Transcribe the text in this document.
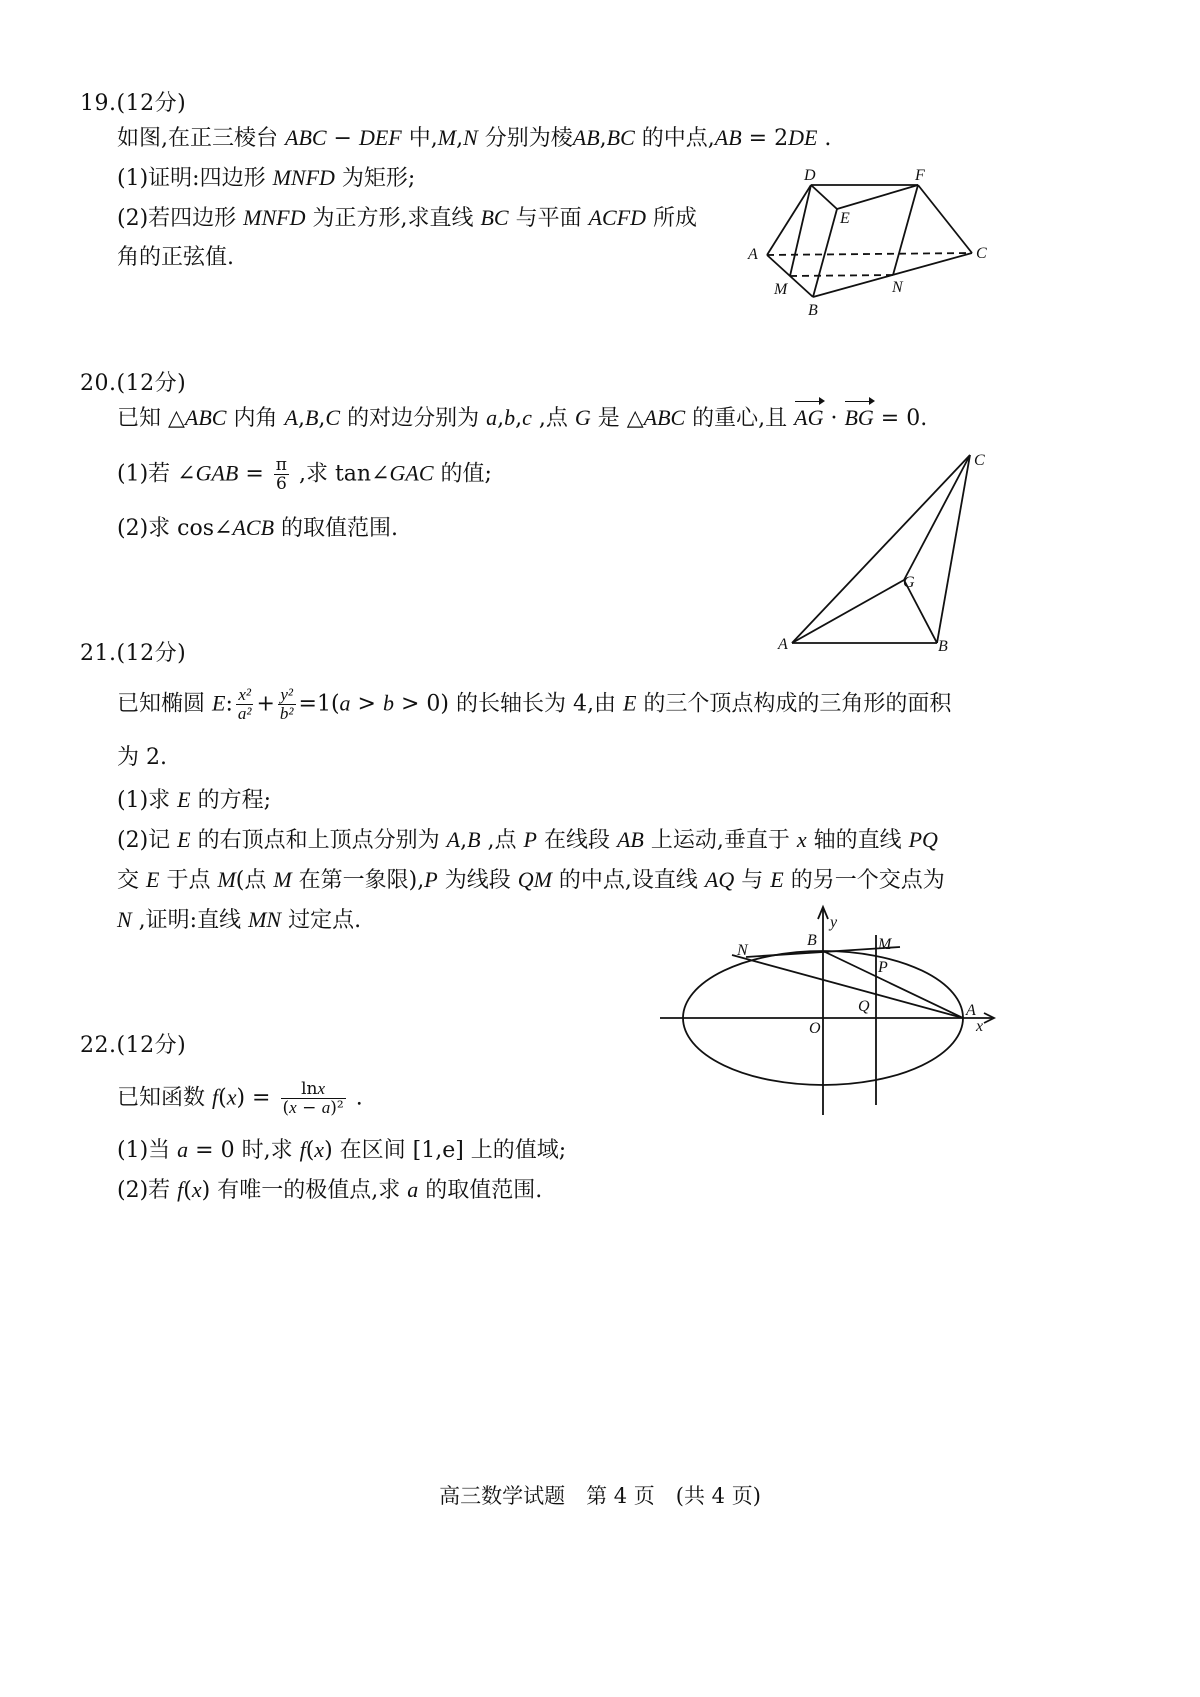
19.(12分)
如图,在正三棱台 ABC − DEF 中,M,N 分别为棱AB,BC 的中点,AB = 2DE .
(1)证明:四边形 MNFD 为矩形;
(2)若四边形 MNFD 为正方形,求直线 BC 与平面 ACFD 所成
角的正弦值.
D	F
E
A	C
M	N
B
20.(12分)
已知 △ABC 内角 A,B,C 的对边分别为 a,b,c ,点 G 是 △ABC 的重心,且 AG · BG = 0.
(1)若 ∠GAB = $\frac{\pi}{6}$ ,求 tan∠GAC 的值;
(2)求 cos∠ACB 的取值范围.
C
G
A	B
21.(12分)
已知椭圆 E: $\frac{\text{x²}}{\text{a²}} + \frac{\text{y²}}{\text{b²}} =1(a > b > 0)$ 的长轴长为 4,由 E 的三个顶点构成的三角形的面积
为 2.
(1)求 E 的方程;
(2)记 E 的右顶点和上顶点分别为 A,B ,点 P 在线段 AB 上运动,垂直于 x 轴的直线 PQ
交 E 于点 M(点 M 在第一象限),P 为线段 QM 的中点,设直线 AQ 与 E 的另一个交点为
N ,证明:直线 MN 过定点.	y
N
B	M
P
Q	A
O	x
22.(12分)
已知函数 $f(x) = \frac{\ln x}{\text{(x − a)²}}$ .
(1)当 a = 0 时,求 f(x) 在区间 [1,e] 上的值域;
(2)若 f(x) 有唯一的极值点,求 a 的取值范围.
高三数学试题　第 4 页　(共 4 页)
